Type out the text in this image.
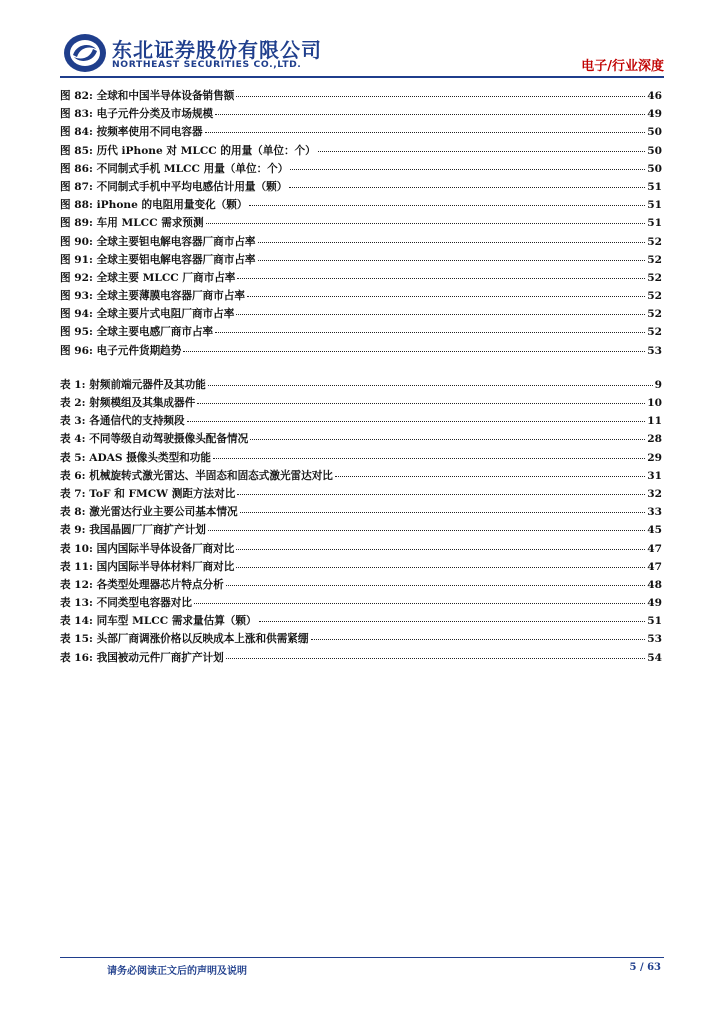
东北证券股份有限公司
NORTHEAST SECURITIES CO.,LTD.	电子/行业深度
图 82: 全球和中国半导体设备销售额	46
图 83: 电子元件分类及市场规模	49
图 84: 按频率使用不同电容器	50
图 85: 历代 iPhone 对 MLCC 的用量（单位：个）	50
图 86: 不同制式手机 MLCC 用量（单位：个）	50
图 87: 不同制式手机中平均电感估计用量（颗）	51
图 88: iPhone 的电阻用量变化（颗）	51
图 89: 车用 MLCC 需求预测	51
图 90: 全球主要钽电解电容器厂商市占率	52
图 91: 全球主要铝电解电容器厂商市占率	52
图 92: 全球主要 MLCC 厂商市占率	52
图 93: 全球主要薄膜电容器厂商市占率	52
图 94: 全球主要片式电阻厂商市占率	52
图 95: 全球主要电感厂商市占率	52
图 96: 电子元件货期趋势	53
表 1: 射频前端元器件及其功能	9
表 2: 射频模组及其集成器件	10
表 3: 各通信代的支持频段	11
表 4: 不同等级自动驾驶摄像头配备情况	28
表 5: ADAS 摄像头类型和功能	29
表 6: 机械旋转式激光雷达、半固态和固态式激光雷达对比	31
表 7: ToF 和 FMCW 测距方法对比	32
表 8: 激光雷达行业主要公司基本情况	33
表 9: 我国晶圆厂厂商扩产计划	45
表 10: 国内国际半导体设备厂商对比	47
表 11: 国内国际半导体材料厂商对比	47
表 12: 各类型处理器芯片特点分析	48
表 13: 不同类型电容器对比	49
表 14: 同车型 MLCC 需求量估算（颗）	51
表 15: 头部厂商调涨价格以反映成本上涨和供需紧绷	53
表 16: 我国被动元件厂商扩产计划	54
请务必阅读正文后的声明及说明	5 / 63
